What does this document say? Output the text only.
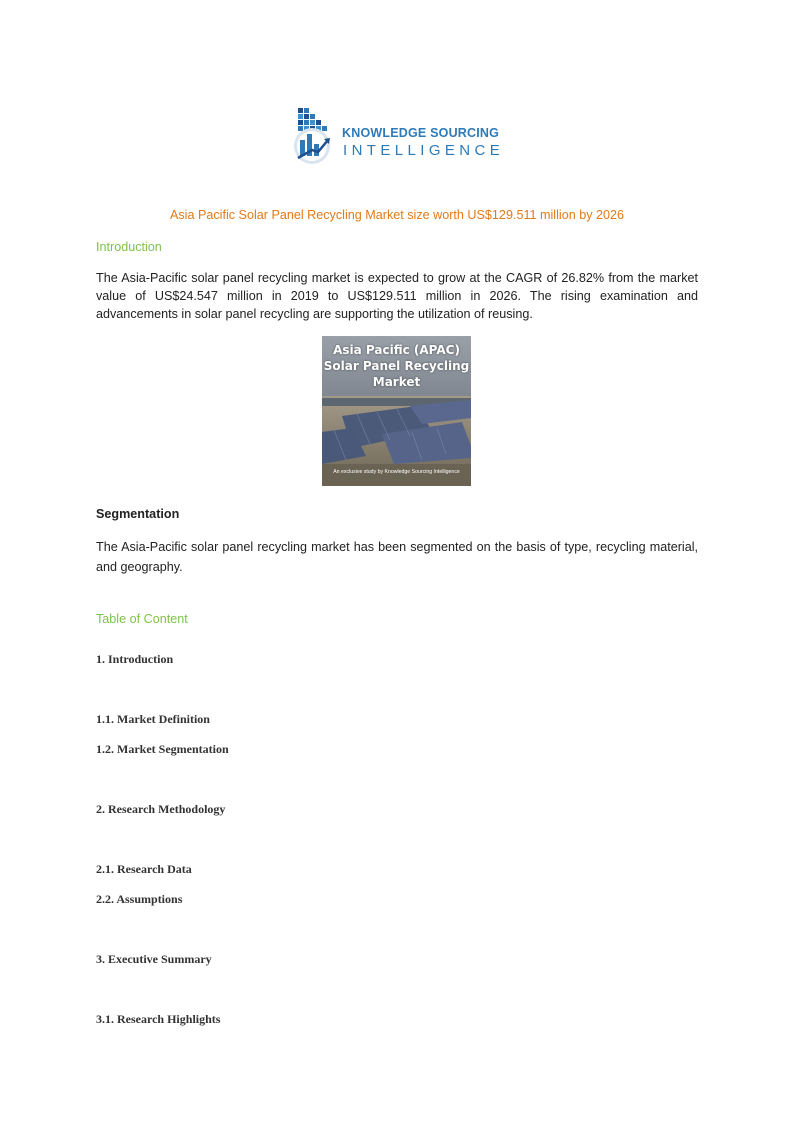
KNOWLEDGE SOURCING
INTELLIGENCE
Asia Pacific Solar Panel Recycling Market size worth US$129.511 million by 2026
Introduction
The Asia-Pacific solar panel recycling market is expected to grow at the CAGR of 26.82% from the market value of US$24.547 million in 2019 to US$129.511 million in 2026. The rising examination and advancements in solar panel recycling are supporting the utilization of reusing.
Asia Pacific (APAC) Solar Panel Recycling Market
An exclusive study by Knowledge Sourcing Intelligence
Segmentation
The Asia-Pacific solar panel recycling market has been segmented on the basis of type, recycling material, and geography.
Table of Content
1. Introduction
1.1. Market Definition
1.2. Market Segmentation
2. Research Methodology
2.1. Research Data
2.2. Assumptions
3. Executive Summary
3.1. Research Highlights
